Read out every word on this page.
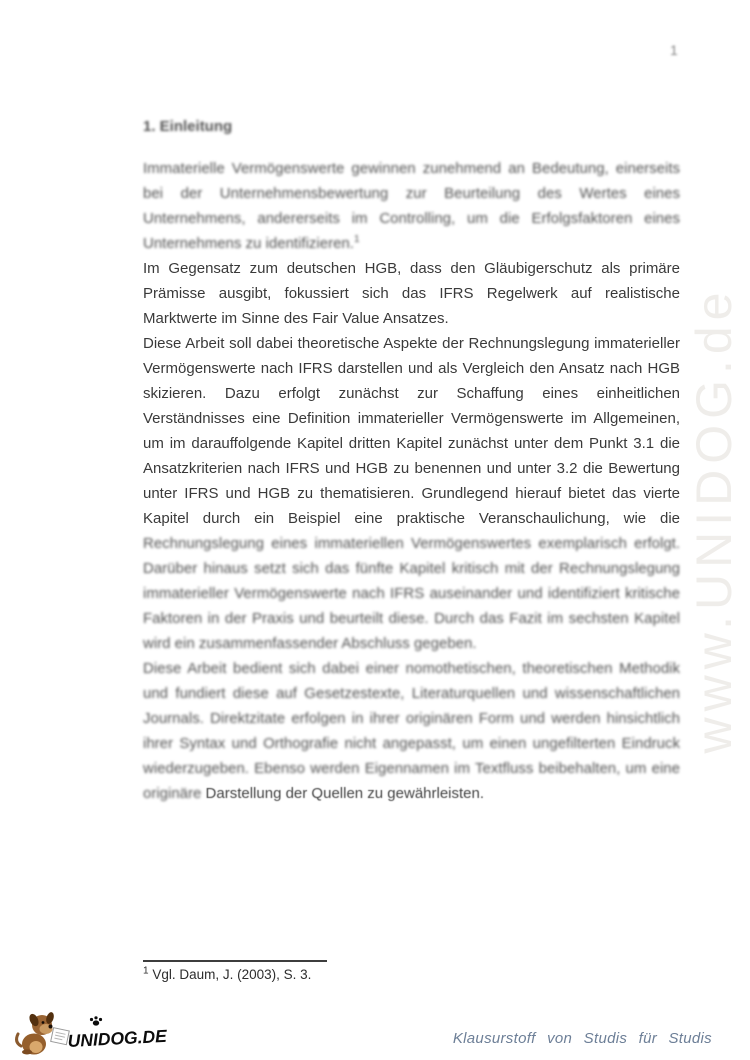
www.UNIDOG.de
1

1. Einleitung

Immaterielle Vermögenswerte gewinnen zunehmend an Bedeutung, einerseits bei der Unternehmensbewertung zur Beurteilung des Wertes eines Unternehmens, andererseits im Controlling, um die Erfolgsfaktoren eines Unternehmens zu identifizieren.$^1$

Im Gegensatz zum deutschen HGB, dass den Gläubigerschutz als primäre Prämisse ausgibt, fokussiert sich das IFRS Regelwerk auf realistische Marktwerte im Sinne des Fair Value Ansatzes.

Diese Arbeit soll dabei theoretische Aspekte der Rechnungslegung immaterieller Vermögenswerte nach IFRS darstellen und als Vergleich den Ansatz nach HGB skizieren. Dazu erfolgt zunächst zur Schaffung eines einheitlichen Verständnisses eine Definition immaterieller Vermögenswerte im Allgemeinen, um im darauffolgende Kapitel dritten Kapitel zunächst unter dem Punkt 3.1 die Ansatzkriterien nach IFRS und HGB zu benennen und unter 3.2 die Bewertung unter IFRS und HGB zu thematisieren. Grundlegend hierauf bietet das vierte Kapitel durch ein Beispiel eine praktische Veranschaulichung, wie die Rechnungslegung eines immateriellen Vermögenswertes exemplarisch erfolgt. Darüber hinaus setzt sich das fünfte Kapitel kritisch mit der Rechnungslegung immaterieller Vermögenswerte nach IFRS auseinander und identifiziert kritische Faktoren in der Praxis und beurteilt diese. Durch das Fazit im sechsten Kapitel wird ein zusammenfassender Abschluss gegeben.

Diese Arbeit bedient sich dabei einer nomothetischen, theoretischen Methodik und fundiert diese auf Gesetzestexte, Literaturquellen und wissenschaftlichen Journals. Direktzitate erfolgen in ihrer originären Form und werden hinsichtlich ihrer Syntax und Orthografie nicht angepasst, um einen ungefilterten Eindruck wiederzugeben. Ebenso werden Eigennamen im Textfluss beibehalten, um eine originäre Darstellung der Quellen zu gewährleisten.

$^1$ Vgl. Daum, J. (2003), S. 3.
UNIDOG.DE	Klausurstoff von Studis für Studis
